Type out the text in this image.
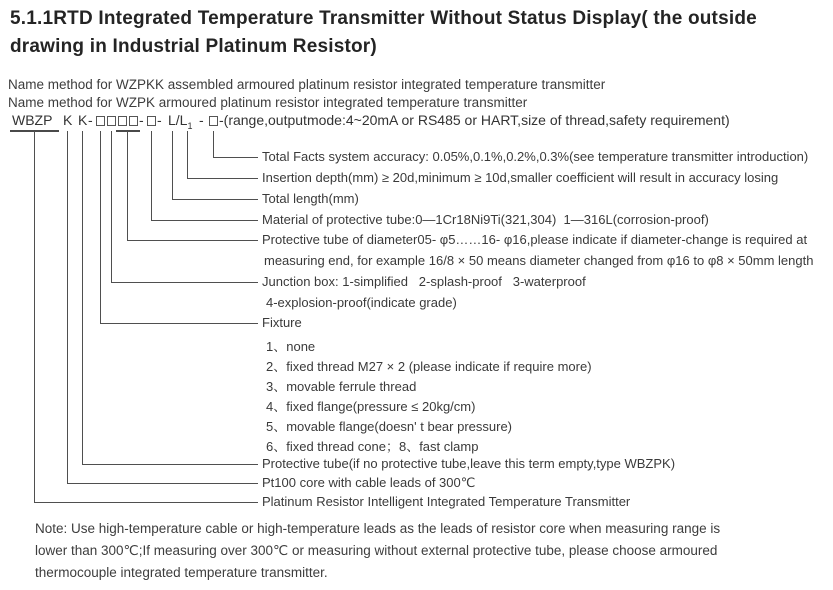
5.1.1RTD Integrated Temperature Transmitter Without Status Display( the outside
drawing in Industrial Platinum Resistor)
Name method for WZPKK assembled armoured platinum resistor integrated temperature transmitter
Name method for WZPK armoured platinum resistor integrated temperature transmitter
WBZP K K -	- - $L/L_1$ - -(range,outputmode:4~20mA or RS485 or HART,size of thread,safety requirement)
Total Facts system accuracy: 0.05%,0.1%,0.2%,0.3%(see temperature transmitter introduction)
Insertion depth(mm) ≥ 20d,minimum ≥ 10d,smaller coefficient will result in accuracy losing
Total length(mm)
Material of protective tube:0—1Cr18Ni9Ti(321,304)  1—316L(corrosion-proof)
Protective tube of diameter05- φ5……16- φ16,please indicate if diameter-change is required at
measuring end, for example 16/8 × 50 means diameter changed from φ16 to φ8 × 50mm length
Junction box: 1-simplified   2-splash-proof   3-waterproof
4-explosion-proof(indicate grade)
Fixture
1、none
2、fixed thread M27 × 2 (please indicate if require more)
3、movable ferrule thread
4、fixed flange(pressure ≤ 20kg/cm)
5、movable flange(doesn' t bear pressure)
6、fixed thread cone；8、fast clamp
Protective tube(if no protective tube,leave this term empty,type WBZPK)
Pt100 core with cable leads of 300℃
Platinum Resistor Intelligent Integrated Temperature Transmitter
Note: Use high-temperature cable or high-temperature leads as the leads of resistor core when measuring range is
lower than 300℃;If measuring over 300℃ or measuring without external protective tube, please choose armoured
thermocouple integrated temperature transmitter.
